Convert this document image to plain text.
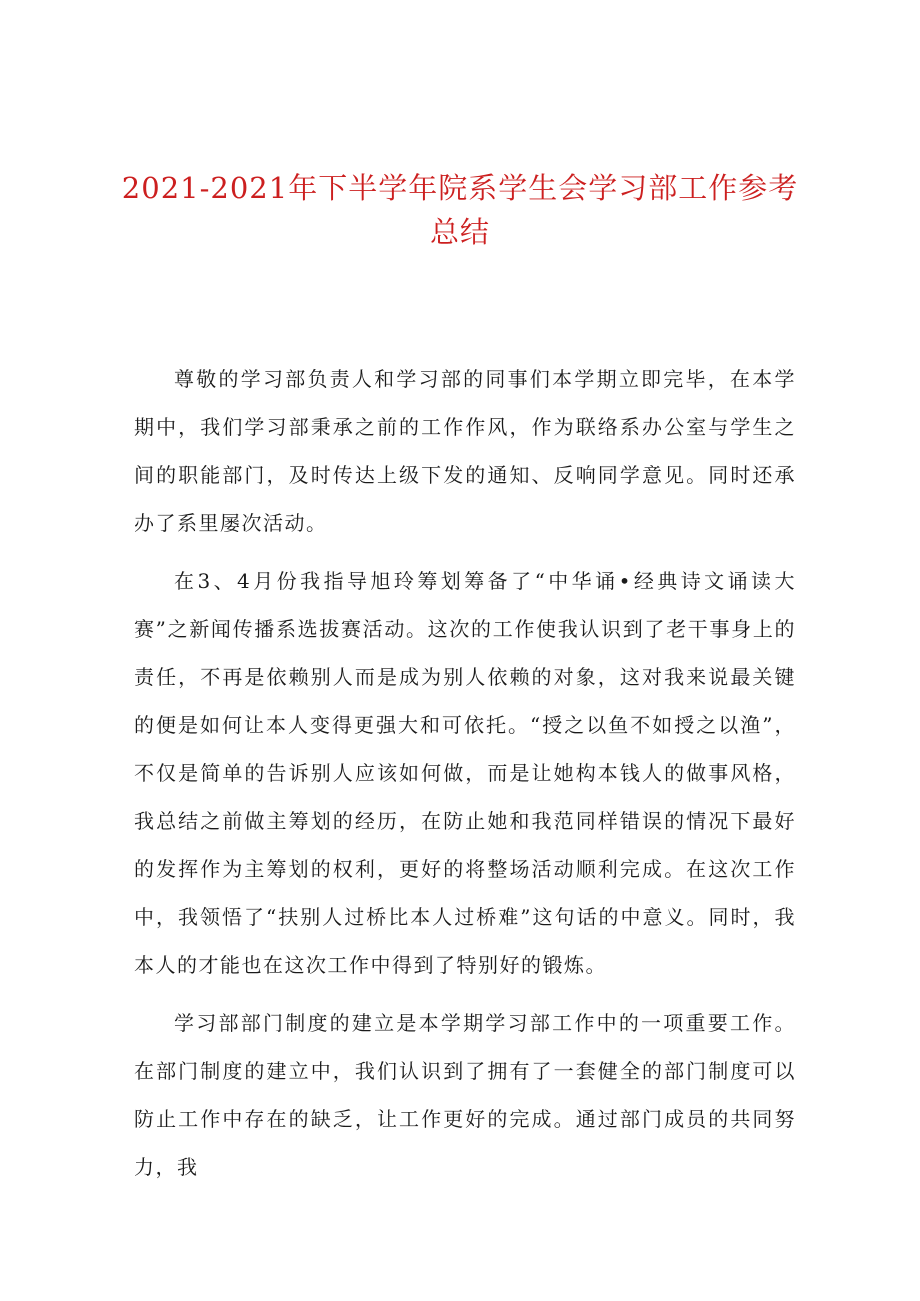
2021-2021年下半学年院系学生会学习部工作参考
总结

尊敬的学习部负责人和学习部的同事们本学期立即完毕，在本学期中，我们学习部秉承之前的工作作风，作为联络系办公室与学生之间的职能部门，及时传达上级下发的通知、反响同学意见。同时还承办了系里屡次活动。

在3、4月份我指导旭玲筹划筹备了“中华诵•经典诗文诵读大赛”之新闻传播系选拔赛活动。这次的工作使我认识到了老干事身上的责任，不再是依赖别人而是成为别人依赖的对象，这对我来说最关键的便是如何让本人变得更强大和可依托。“授之以鱼不如授之以渔”，不仅是简单的告诉别人应该如何做，而是让她构本钱人的做事风格，我总结之前做主筹划的经历，在防止她和我范同样错误的情况下最好的发挥作为主筹划的权利，更好的将整场活动顺利完成。在这次工作中，我领悟了“扶别人过桥比本人过桥难”这句话的中意义。同时，我本人的才能也在这次工作中得到了特别好的锻炼。

学习部部门制度的建立是本学期学习部工作中的一项重要工作。在部门制度的建立中，我们认识到了拥有了一套健全的部门制度可以防止工作中存在的缺乏，让工作更好的完成。通过部门成员的共同努力，我
